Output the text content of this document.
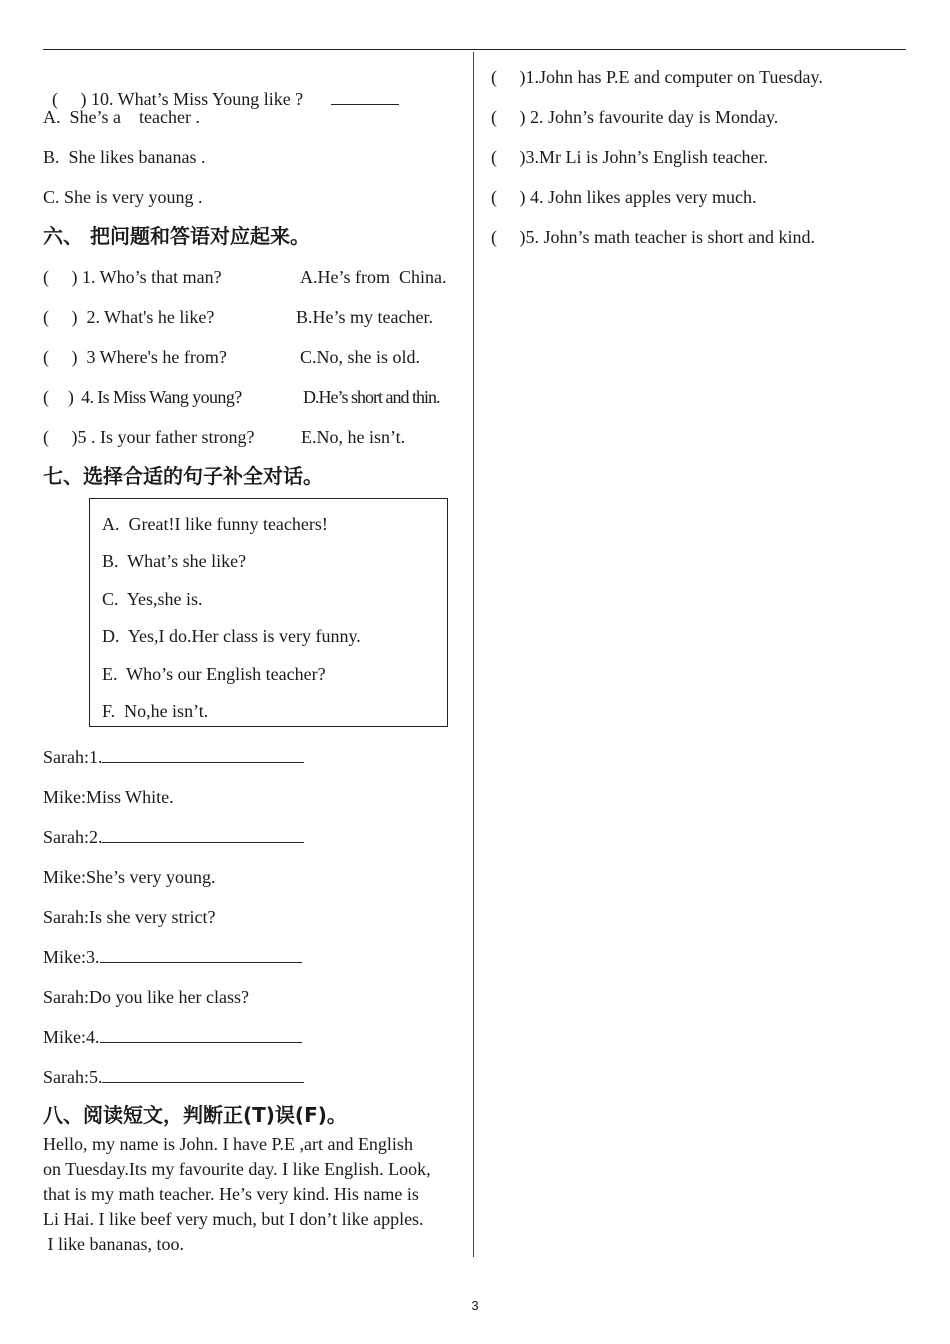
(     ) 10. What’s Miss Young like ?

A.  She’s a    teacher .
B.  She likes bananas .
C. She is very young .
六、 把问题和答语对应起来。
(     ) 1. Who’s that man?	A.He’s from  China.
(     )  2. What's he like?	B.He’s my teacher.
(     )  3 Where's he from?	C.No, she is old.
(     )  4. Is Miss Wang young?	D.He’s short and thin.
(     )5 . Is your father strong?	E.No, he isn’t.
七、选择合适的句子补全对话。
A.  Great!I like funny teachers!
B.  What’s she like?
C.  Yes,she is.
D.  Yes,I do.Her class is very funny.
E.  Who’s our English teacher?
F.  No,he isn’t.
Sarah:1.
Mike:Miss White.
Sarah:2.
Mike:She’s very young.
Sarah:Is she very strict?
Mike:3.
Sarah:Do you like her class?
Mike:4.
Sarah:5.
八、阅读短文，判断正(T)误(F)。

Hello, my name is John. I have P.E ,art and English

on Tuesday.Its my favourite day. I like English. Look,

that is my math teacher. He’s very kind. His name is

Li Hai. I like beef very much, but I don’t like apples.

I like bananas, too.

(     )1.John has P.E and computer on Tuesday.
(     ) 2. John’s favourite day is Monday.
(     )3.Mr Li is John’s English teacher.
(     ) 4. John likes apples very much.
(     )5. John’s math teacher is short and kind.
3
